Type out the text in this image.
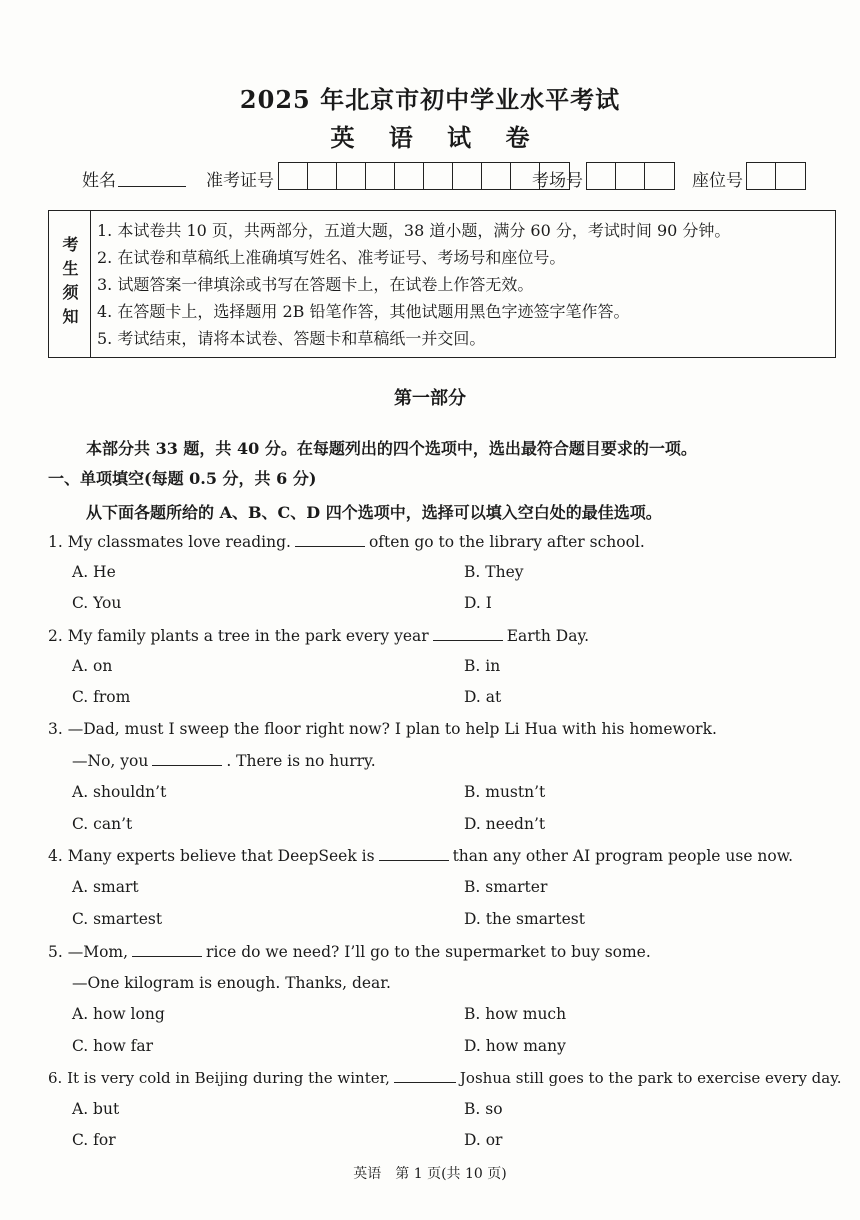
2025 年北京市初中学业水平考试
英 语 试 卷
姓名	准考证号	考场号	座位号
考生须知
1. 本试卷共 10 页，共两部分，五道大题，38 道小题，满分 60 分，考试时间 90 分钟。
2. 在试卷和草稿纸上准确填写姓名、准考证号、考场号和座位号。
3. 试题答案一律填涂或书写在答题卡上，在试卷上作答无效。
4. 在答题卡上，选择题用 2B 铅笔作答，其他试题用黑色字迹签字笔作答。
5. 考试结束，请将本试卷、答题卡和草稿纸一并交回。
第一部分
本部分共 33 题，共 40 分。在每题列出的四个选项中，选出最符合题目要求的一项。
一、单项填空(每题 0.5 分，共 6 分)
从下面各题所给的 A、B、C、D 四个选项中，选择可以填入空白处的最佳选项。
1. My classmates love reading.	often go to the library after school.
A. He	B. They
C. You	D. I
2. My family plants a tree in the park every year	Earth Day.
A. on	B. in
C. from	D. at
3. —Dad, must I sweep the floor right now? I plan to help Li Hua with his homework.
—No, you	. There is no hurry.
A. shouldn’t	B. mustn’t
C. can’t	D. needn’t
4. Many experts believe that DeepSeek is	than any other AI program people use now.
A. smart	B. smarter
C. smartest	D. the smartest
5. —Mom,	rice do we need? I’ll go to the supermarket to buy some.
—One kilogram is enough. Thanks, dear.
A. how long	B. how much
C. how far	D. how many
6. It is very cold in Beijing during the winter,	Joshua still goes to the park to exercise every day.
A. but	B. so
C. for	D. or
英语　第 1 页(共 10 页)
